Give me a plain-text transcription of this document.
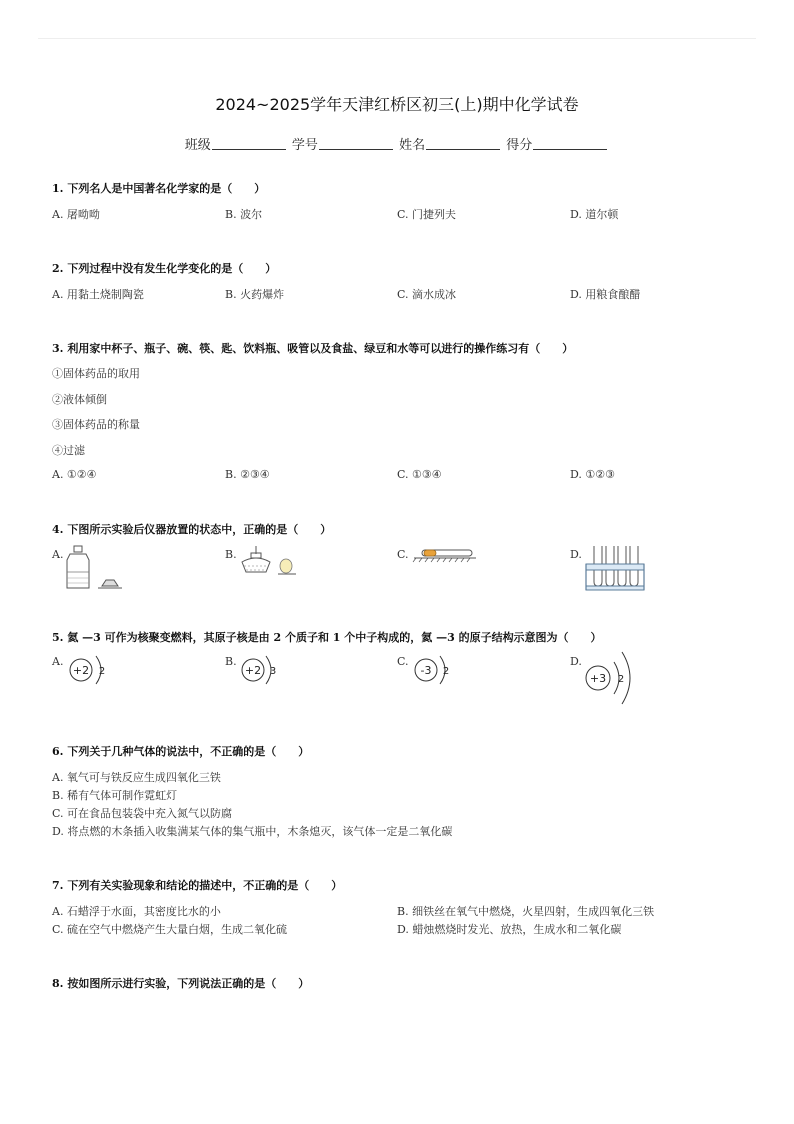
2024~2025学年天津红桥区初三(上)期中化学试卷
班级	学号	姓名	得分
1. 下列名人是中国著名化学家的是（　　）
A. 屠呦呦	B. 波尔	C. 门捷列夫	D. 道尔顿
2. 下列过程中没有发生化学变化的是（　　）
A. 用黏土烧制陶瓷	B. 火药爆炸	C. 滴水成冰	D. 用粮食酿醋
3. 利用家中杯子、瓶子、碗、筷、匙、饮料瓶、吸管以及食盐、绿豆和水等可以进行的操作练习有（　　）
①固体药品的取用
②液体倾倒
③固体药品的称量
④过滤
A. ①②④	B. ②③④	C. ①③④	D. ①②③
4. 下图所示实验后仪器放置的状态中，正确的是（　　）
A.	B.	C.	D.
5. 氦 —3 可作为核聚变燃料，其原子核是由 2 个质子和 1 个中子构成的，氦 —3 的原子结构示意图为（　　）
A.	B.	C.	D.
+2 2	+2 3	-3 2
+3 2
6. 下列关于几种气体的说法中，不正确的是（　　）
A. 氧气可与铁反应生成四氧化三铁
B. 稀有气体可制作霓虹灯
C. 可在食品包装袋中充入氮气以防腐
D. 将点燃的木条插入收集满某气体的集气瓶中，木条熄灭，该气体一定是二氧化碳
7. 下列有关实验现象和结论的描述中，不正确的是（　　）
A. 石蜡浮于水面，其密度比水的小	B. 细铁丝在氧气中燃烧，火星四射，生成四氧化三铁
C. 硫在空气中燃烧产生大量白烟，生成二氧化硫	D. 蜡烛燃烧时发光、放热，生成水和二氧化碳
8. 按如图所示进行实验，下列说法正确的是（　　）
